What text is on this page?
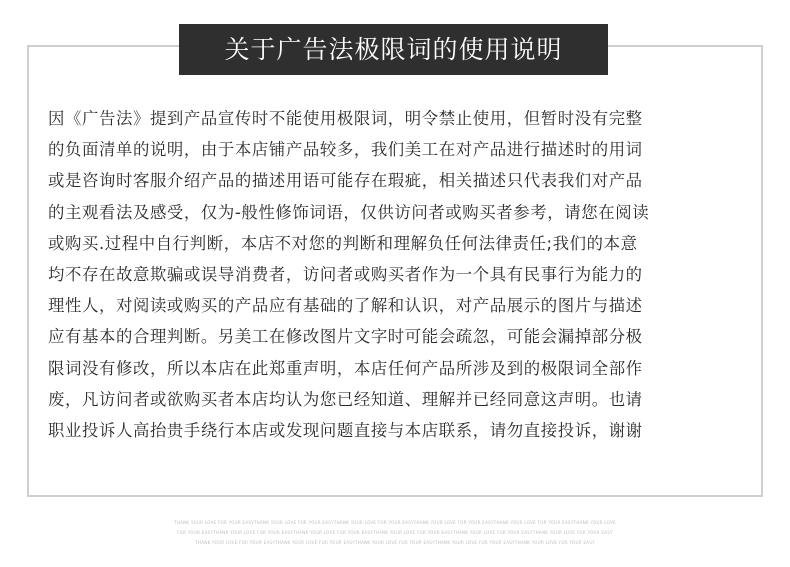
关于广告法极限词的使用说明
因《广告法》提到产品宣传时不能使用极限词，明令禁止使用，但暂时没有完整
的负面清单的说明，由于本店铺产品较多，我们美工在对产品进行描述时的用词
或是咨询时客服介绍产品的描述用语可能存在瑕疵，相关描述只代表我们对产品
的主观看法及感受，仅为-般性修饰词语，仅供访问者或购买者参考，请您在阅读
或购买.过程中自行判断，本店不对您的判断和理解负任何法律责任;我们的本意
均不存在故意欺骗或误导消费者，访问者或购买者作为一个具有民事行为能力的
理性人，对阅读或购买的产品应有基础的了解和认识，对产品展示的图片与描述
应有基本的合理判断。另美工在修改图片文字时可能会疏忽，可能会漏掉部分极
限词没有修改，所以本店在此郑重声明，本店任何产品所涉及到的极限词全部作
废，凡访问者或欲购买者本店均认为您已经知道、理解并已经同意这声明。也请
职业投诉人高抬贵手绕行本店或发现问题直接与本店联系，请勿直接投诉，谢谢
THANK YOUR LOVE FOR YOUR EASYTHANK YOUR LOVE FOR YOUR EASYTHANK YOUR LOVE FOR YOUR EASYTHANK YOUR LOVE FOR YOUR EASYTHANK YOUR LOVE FOR YOUR EASYTHANK YOUR LOVE
FOR YOUR EASYTHANK YOUR LOVE FOR YOUR EASYTHANK YOUR LOVE FOR YOUR EASYTHANK YOUR LOVE FOR YOUR EASYTHANK YOUR LOVE FOR YOUR EASYTHANK YOUR LOVE FOR YOUR EASY
THANK YOUR LOVE FOR YOUR EASYTHANK YOUR LOVE FOR YOUR EASYTHANK YOUR LOVE FOR YOUR EASYTHANK YOUR LOVE FOR YOUR EASYTHANK YOUR LOVE FOR YOUR EASY
